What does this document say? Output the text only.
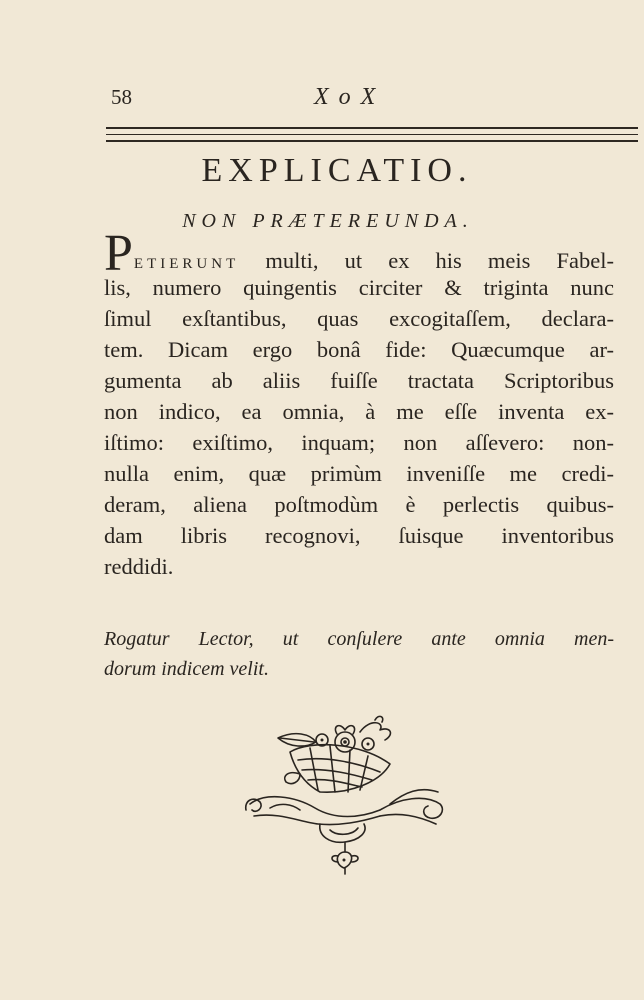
58	X o X
EXPLICATIO.
NON PRÆTEREUNDA.
PETIERUNT multi, ut ex his meis Fabel-
lis, numero quingentis circiter & triginta nunc
ſimul exſtantibus, quas excogitaſſem, declara-
tem. Dicam ergo bonâ fide: Quæcumque ar-
gumenta ab aliis fuiſſe tractata Scriptoribus
non indico, ea omnia, à me eſſe inventa ex-
iſtimo: exiſtimo, inquam; non aſſevero: non-
nulla enim, quæ primùm inveniſſe me credi-
deram, aliena poſtmodùm è perlectis quibus-
dam libris recognovi, ſuisque inventoribus
reddidi.
Rogatur Lector, ut conſulere ante omnia men-
dorum indicem velit.
